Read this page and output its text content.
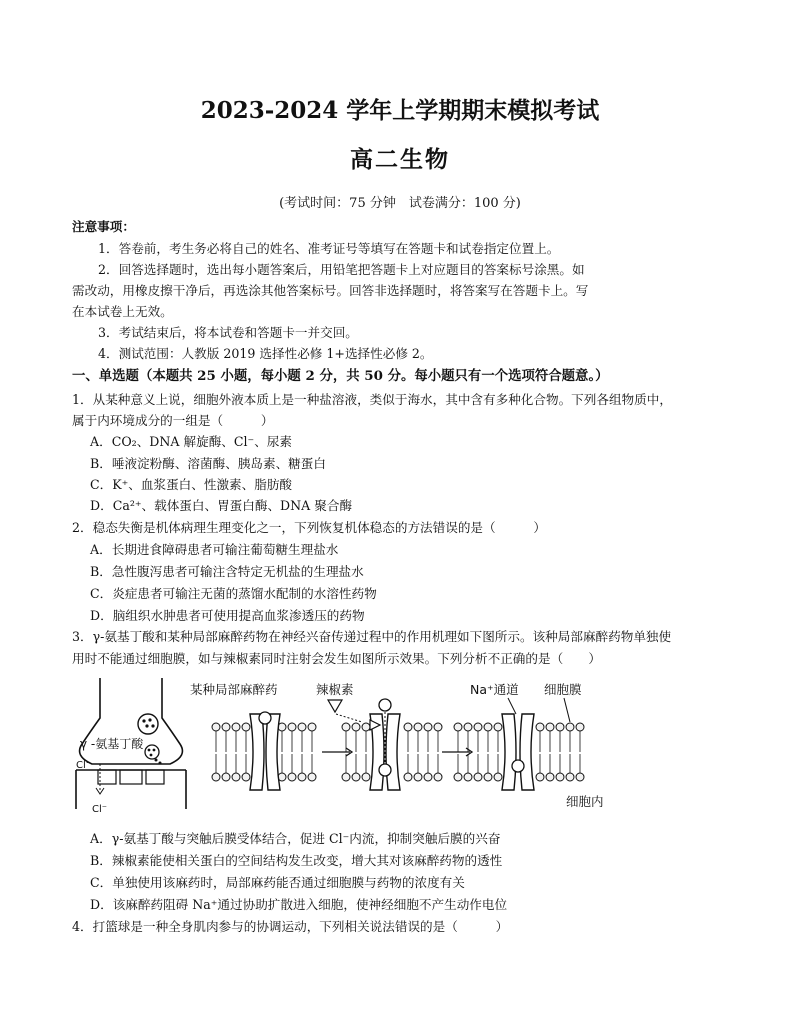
2023-2024 学年上学期期末模拟考试
高二生物
(考试时间：75 分钟　试卷满分：100 分)
注意事项：
1．答卷前，考生务必将自己的姓名、准考证号等填写在答题卡和试卷指定位置上。
2．回答选择题时，选出每小题答案后，用铅笔把答题卡上对应题目的答案标号涂黑。如
需改动，用橡皮擦干净后，再选涂其他答案标号。回答非选择题时，将答案写在答题卡上。写
在本试卷上无效。
3．考试结束后，将本试卷和答题卡一并交回。
4．测试范围：人教版 2019 选择性必修 1+选择性必修 2。
一、单选题（本题共 25 小题，每小题 2 分，共 50 分。每小题只有一个选项符合题意。）
1．从某种意义上说，细胞外液本质上是一种盐溶液，类似于海水，其中含有多种化合物。下列各组物质中，
属于内环境成分的一组是（　　　）
A．CO₂、DNA 解旋酶、Cl⁻、尿素
B．唾液淀粉酶、溶菌酶、胰岛素、糖蛋白
C．K⁺、血浆蛋白、性激素、脂肪酸
D．Ca²⁺、载体蛋白、胃蛋白酶、DNA 聚合酶
2．稳态失衡是机体病理生理变化之一，下列恢复机体稳态的方法错误的是（　　　）
A．长期进食障碍患者可输注葡萄糖生理盐水
B．急性腹泻患者可输注含特定无机盐的生理盐水
C．炎症患者可输注无菌的蒸馏水配制的水溶性药物
D．脑组织水肿患者可使用提高血浆渗透压的药物
3．γ-氨基丁酸和某种局部麻醉药物在神经兴奋传递过程中的作用机理如下图所示。该种局部麻醉药物单独使
用时不能通过细胞膜，如与辣椒素同时注射会发生如图所示效果。下列分析不正确的是（　　）
γ -氨基丁酸
Cl⁻
Cl⁻
某种局部麻醉药	辣椒素	Na⁺通道 细胞膜
细胞内
A．γ-氨基丁酸与突触后膜受体结合，促进 Cl⁻内流，抑制突触后膜的兴奋
B．辣椒素能使相关蛋白的空间结构发生改变，增大其对该麻醉药物的透性
C．单独使用该麻药时，局部麻药能否通过细胞膜与药物的浓度有关
D．该麻醉药阻碍 Na⁺通过协助扩散进入细胞，使神经细胞不产生动作电位
4．打篮球是一种全身肌肉参与的协调运动，下列相关说法错误的是（　　　）
